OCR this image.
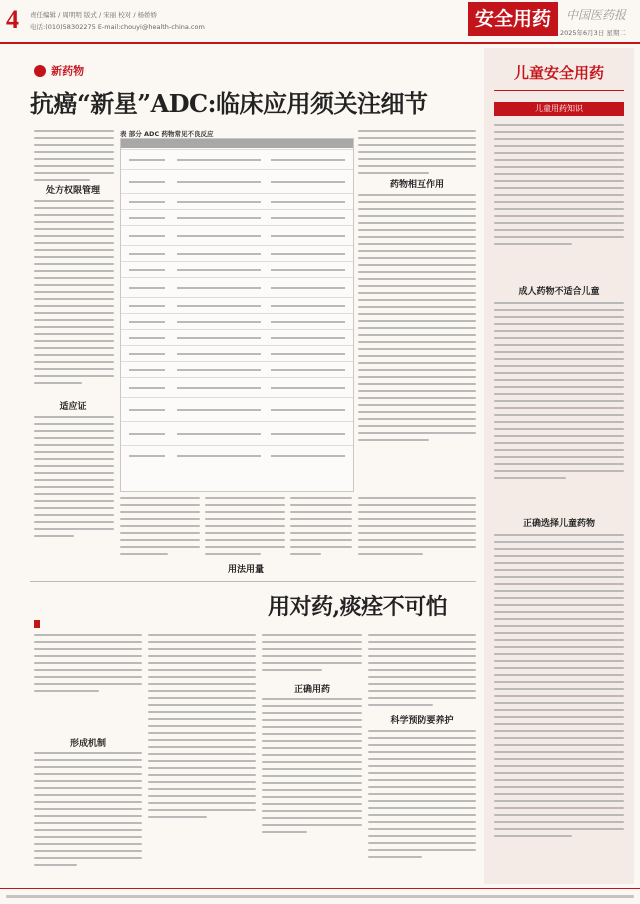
4 责任编辑 / 周明明 版式 / 宋丽 校对 / 杨娇娇
电话:(010)58302275 E-mail:chouyi@health-china.com	安全用药	中国医药报
2025年6月3日 星期二
新药物
抗癌“新星”ADC:临床应用须关注细节
处方权限管理
适应证
表 部分 ADC 药物常见不良反应
药物相互作用
用法用量
用对药,痰痊不可怕
形成机制
正确用药
科学预防要养护
儿童安全用药
儿童用药知识
成人药物不适合儿童
正确选择儿童药物
